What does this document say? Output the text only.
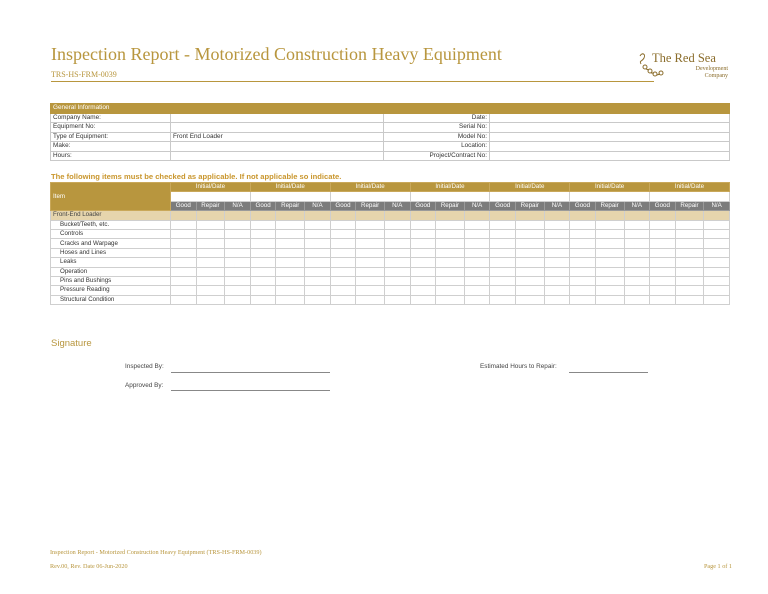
Inspection Report - Motorized Construction Heavy Equipment
TRS-HS-FRM-0039
The Red Sea
Development
Company
General Information			
Company Name:		Date:	
Equipment No:		Serial No:	
Type of Equipment:	Front End Loader	Model No:	
Make:		Location:	
Hours:		Project/Contract No:	
The following items must be checked as applicable. If not applicable so indicate.
Item	Initial/Date			Initial/Date			Initial/Date			Initial/Date			Initial/Date			Initial/Date			Initial/Date		

	Good	Repair	N/A	Good	Repair	N/A	Good	Repair	N/A	Good	Repair	N/A	Good	Repair	N/A	Good	Repair	N/A	Good	Repair	N/A
Front-End Loader																					
Bucket/Teeth, etc.																					
Controls																					
Cracks and Warpage																					
Hoses and Lines																					
Leaks																					
Operation																					
Pins and Bushings																					
Pressure Reading																					
Structural Condition																					
Signature
Inspected By:
Approved By:
Estimated Hours to Repair:
Inspection Report - Motorized Construction Heavy Equipment (TRS-HS-FRM-0039)
Rev.00, Rev. Date 06-Jun-2020	Page 1 of 1
